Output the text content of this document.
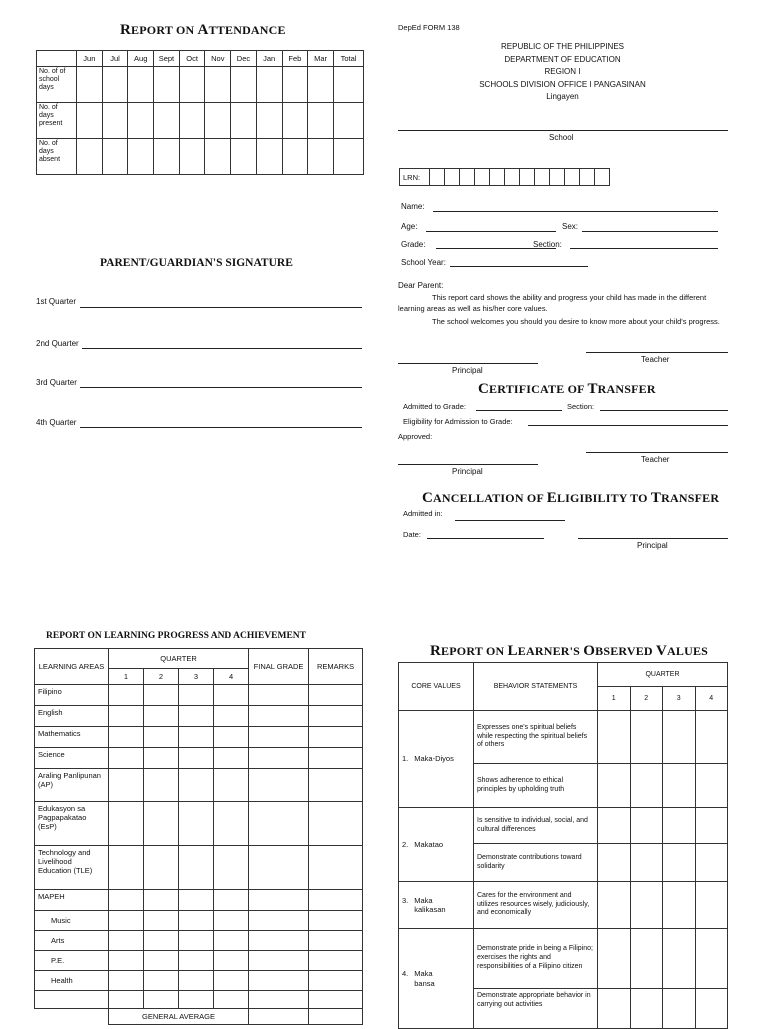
REPORT ON ATTENDANCE
	Jun	Jul	Aug	Sept	Oct	Nov	Dec	Jan	Feb	Mar	Total
No. of of school days											
No. of days present											
No. of days absent											
PARENT/GUARDIAN'S SIGNATURE
1st Quarter
2nd Quarter
3rd Quarter
4th Quarter
DepEd FORM 138
REPUBLIC OF THE PHILIPPINES
DEPARTMENT OF EDUCATION
REGION I
SCHOOLS DIVISION OFFICE I PANGASINAN
Lingayen
School
LRN:												
Name:
Age:	Sex:
Grade:	Section:
School Year:
Dear Parent:
This report card shows the ability and progress your child has made in the different learning areas as well as his/her core values.
The school welcomes you should you desire to know more about your child's progress.
Teacher
Principal
CERTIFICATE OF TRANSFER
Admitted to Grade:	Section:
Eligibility for Admission to Grade:
Approved:
Teacher
Principal
CANCELLATION OF ELIGIBILITY TO TRANSFER
Admitted in:
Date:
Principal
REPORT ON LEARNING PROGRESS AND ACHIEVEMENT
LEARNING AREAS	QUARTER				FINAL GRADE	REMARKS
	1	2	3	4		
Filipino						
English						
Mathematics						
Science						
Araling Panlipunan (AP)						
Edukasyon sa Pagpapakatao (EsP)						
Technology and Livelihood Education (TLE)						
MAPEH						
Music						
Arts						
P.E.						
Health						

	GENERAL AVERAGE					
REPORT ON LEARNER'S OBSERVED VALUES
CORE VALUES	BEHAVIOR STATEMENTS	QUARTER			
		1	2	3	4

1. Maka-Diyos	Expresses one's spiritual beliefs while respecting the spiritual beliefs of others				
	Shows adherence to ethical principles by upholding truth				

2. Makatao	Is sensitive to individual, social, and cultural differences				
	Demonstrate contributions toward solidarity				

3. Maka kalikasan	Cares for the environment and utilizes resources wisely, judiciously, and economically				

4. Maka bansa	Demonstrate pride in being a Filipino; exercises the rights and responsibilities of a Filipino citizen				
	Demonstrate appropriate behavior in carrying out activities				
